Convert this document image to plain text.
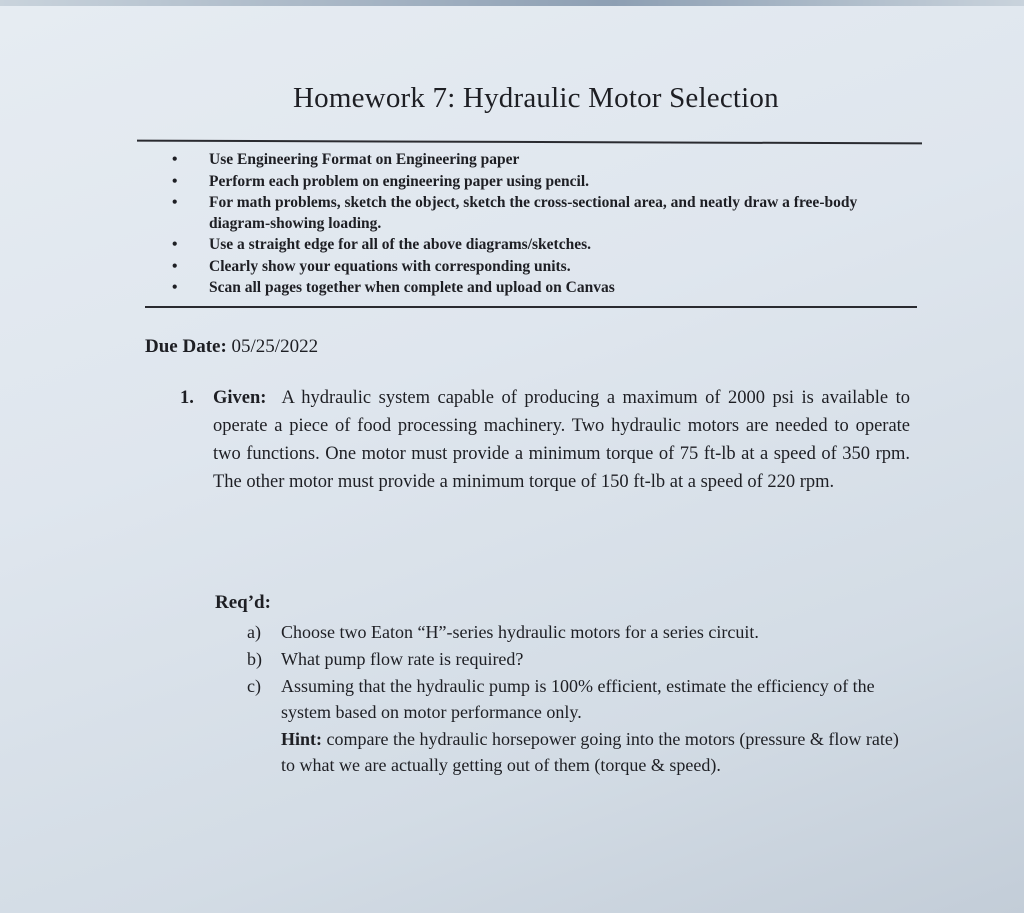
Homework 7: Hydraulic Motor Selection
• Use Engineering Format on Engineering paper
• Perform each problem on engineering paper using pencil.
• For math problems, sketch the object, sketch the cross-sectional area, and neatly draw a free-body diagram-showing loading.
• Use a straight edge for all of the above diagrams/sketches.
• Clearly show your equations with corresponding units.
• Scan all pages together when complete and upload on Canvas
Due Date: 05/25/2022
1. Given: A hydraulic system capable of producing a maximum of 2000 psi is available to operate a piece of food processing machinery. Two hydraulic motors are needed to operate two functions. One motor must provide a minimum torque of 75 ft-lb at a speed of 350 rpm. The other motor must provide a minimum torque of 150 ft-lb at a speed of 220 rpm.
Req’d:
a) Choose two Eaton “H”-series hydraulic motors for a series circuit.
b) What pump flow rate is required?
c) Assuming that the hydraulic pump is 100% efficient, estimate the efficiency of the system based on motor performance only.
Hint: compare the hydraulic horsepower going into the motors (pressure & flow rate) to what we are actually getting out of them (torque & speed).
